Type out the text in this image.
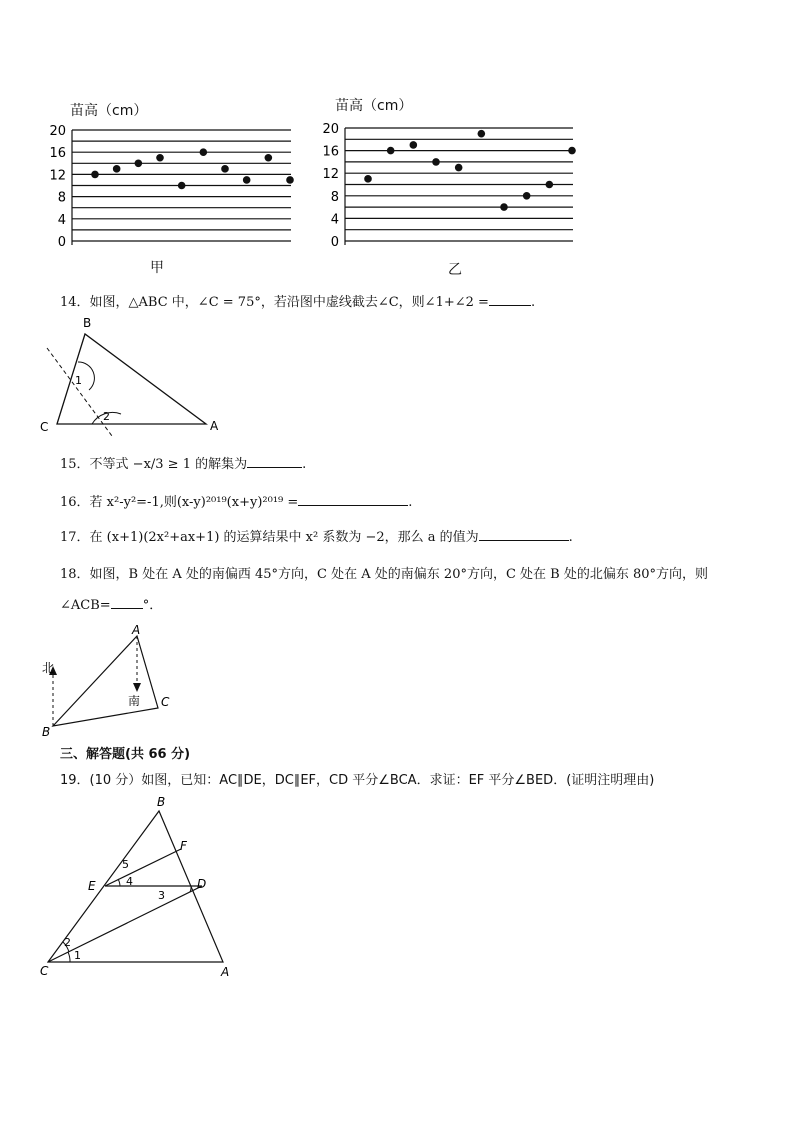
苗高（cm）
0
4
8
12
16
20
甲
苗高（cm）
0
4
8
12
16
20
乙
14．如图，△ABC 中，∠C = 75°，若沿图中虚线截去∠C，则∠1+∠2 =	.
B
C	A
1
2
15．不等式 −x/3 ≥ 1 的解集为	.
16．若 x²-y²=-1,则(x-y)²⁰¹⁹(x+y)²⁰¹⁹ =	.
17．在 (x+1)(2x²+ax+1) 的运算结果中 x² 系数为 −2，那么 a 的值为	.
18．如图，B 处在 A 处的南偏西 45°方向，C 处在 A 处的南偏东 20°方向，C 处在 B 处的北偏东 80°方向，则
∠ACB= °．
A
B
C
北
南
三、解答题(共 66 分)
19．(10 分）如图，已知：AC∥DE，DC∥EF，CD 平分∠BCA．求证：EF 平分∠BED．(证明注明理由)
B
F
E	D
C	A
1
2
3
4
5
